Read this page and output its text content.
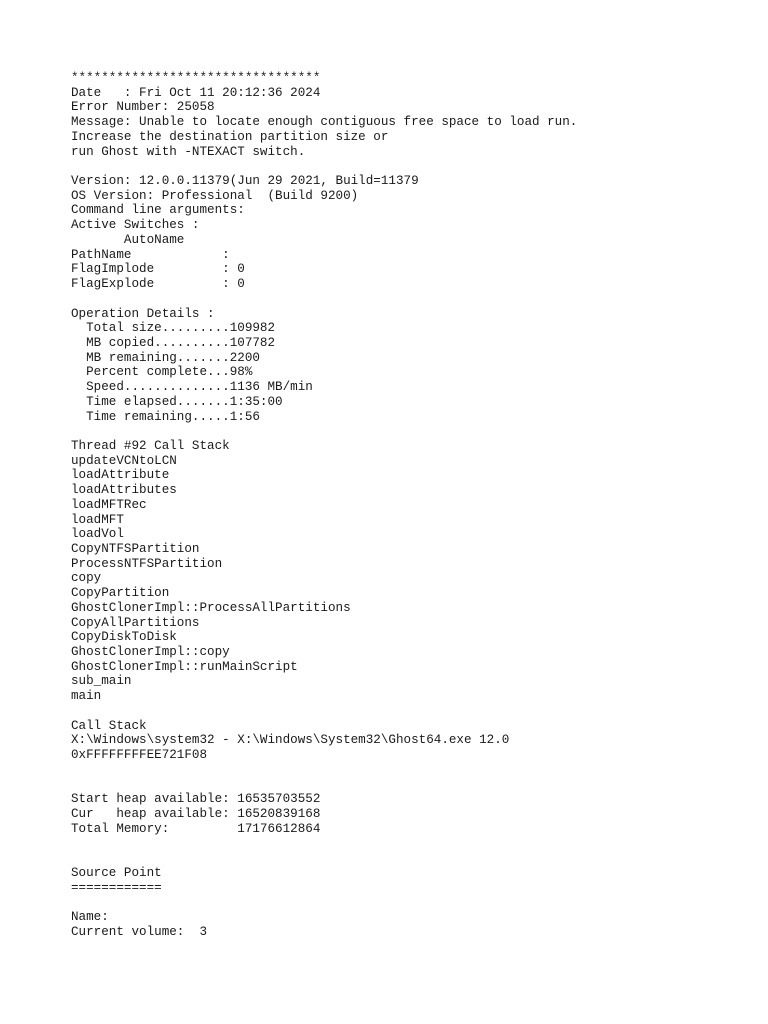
*********************************
Date   : Fri Oct 11 20:12:36 2024
Error Number: 25058
Message: Unable to locate enough contiguous free space to load run.
Increase the destination partition size or
run Ghost with -NTEXACT switch.

Version: 12.0.0.11379(Jun 29 2021, Build=11379
OS Version: Professional  (Build 9200)
Command line arguments:
Active Switches :
AutoName
PathName            :
FlagImplode         : 0
FlagExplode         : 0

Operation Details :
Total size.........109982
MB copied..........107782
MB remaining.......2200
Percent complete...98%
Speed..............1136 MB/min
Time elapsed.......1:35:00
Time remaining.....1:56

Thread #92 Call Stack
updateVCNtoLCN
loadAttribute
loadAttributes
loadMFTRec
loadMFT
loadVol
CopyNTFSPartition
ProcessNTFSPartition
copy
CopyPartition
GhostClonerImpl::ProcessAllPartitions
CopyAllPartitions
CopyDiskToDisk
GhostClonerImpl::copy
GhostClonerImpl::runMainScript
sub_main
main

Call Stack
X:\Windows\system32 - X:\Windows\System32\Ghost64.exe 12.0
0xFFFFFFFFEE721F08

Start heap available: 16535703552
Cur   heap available: 16520839168
Total Memory:         17176612864

Source Point
============

Name:
Current volume:  3
